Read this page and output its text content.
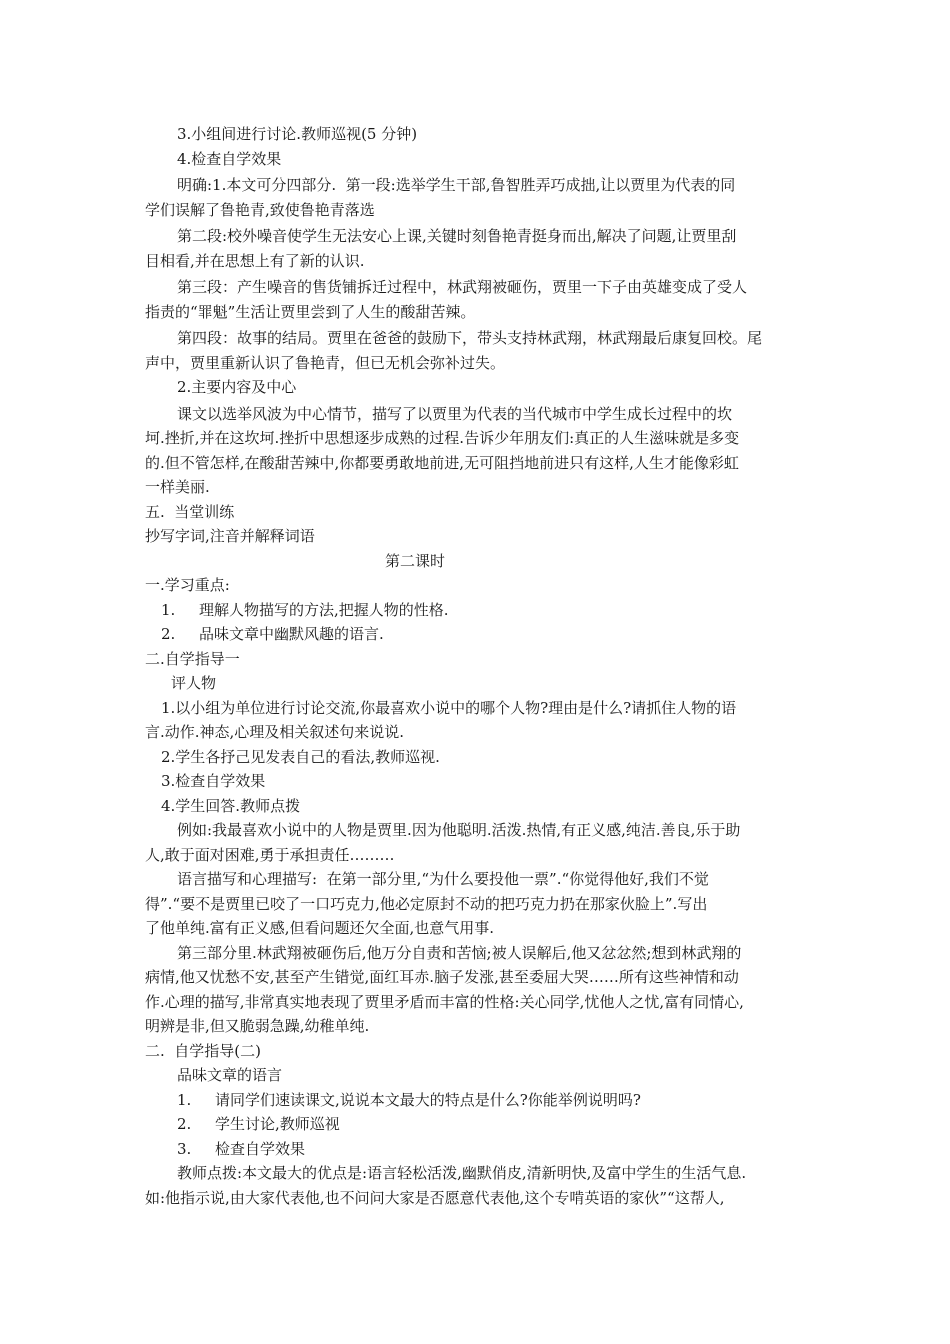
3.小组间进行讨论.教师巡视(5 分钟)

4.检查自学效果

明确:1.本文可分四部分.  第一段:选举学生干部,鲁智胜弄巧成拙,让以贾里为代表的同

学们误解了鲁艳青,致使鲁艳青落选

第二段:校外噪音使学生无法安心上课,关键时刻鲁艳青挺身而出,解决了问题,让贾里刮

目相看,并在思想上有了新的认识.

第三段：产生噪音的售货铺拆迁过程中，林武翔被砸伤，贾里一下子由英雄变成了受人

指责的“罪魁”生活让贾里尝到了人生的酸甜苦辣。

第四段：故事的结局。贾里在爸爸的鼓励下，带头支持林武翔，林武翔最后康复回校。尾

声中，贾里重新认识了鲁艳青，但已无机会弥补过失。

2.主要内容及中心

课文以选举风波为中心情节，描写了以贾里为代表的当代城市中学生成长过程中的坎

坷.挫折,并在这坎坷.挫折中思想逐步成熟的过程.告诉少年朋友们:真正的人生滋味就是多变

的.但不管怎样,在酸甜苦辣中,你都要勇敢地前进,无可阻挡地前进只有这样,人生才能像彩虹

一样美丽.

五.  当堂训练

抄写字词,注音并解释词语

第二课时

一.学习重点:

1. 理解人物描写的方法,把握人物的性格.

2. 品味文章中幽默风趣的语言.

二.自学指导一

评人物

1.以小组为单位进行讨论交流,你最喜欢小说中的哪个人物?理由是什么?请抓住人物的语

言.动作.神态,心理及相关叙述句来说说.

2.学生各抒己见发表自己的看法,教师巡视.

3.检查自学效果

4.学生回答.教师点拨

例如:我最喜欢小说中的人物是贾里.因为他聪明.活泼.热情,有正义感,纯洁.善良,乐于助

人,敢于面对困难,勇于承担责任………

语言描写和心理描写:  在第一部分里,“为什么要投他一票”.“你觉得他好,我们不觉

得”.“要不是贾里已咬了一口巧克力,他必定原封不动的把巧克力扔在那家伙脸上”.写出

了他单纯.富有正义感,但看问题还欠全面,也意气用事.

第三部分里.林武翔被砸伤后,他万分自责和苦恼;被人误解后,他又忿忿然;想到林武翔的

病情,他又忧愁不安,甚至产生错觉,面红耳赤.脑子发涨,甚至委屈大哭……所有这些神情和动

作.心理的描写,非常真实地表现了贾里矛盾而丰富的性格:关心同学,忧他人之忧,富有同情心,

明辨是非,但又脆弱急躁,幼稚单纯.

二.  自学指导(二)

品味文章的语言

1. 请同学们速读课文,说说本文最大的特点是什么?你能举例说明吗?

2. 学生讨论,教师巡视

3. 检查自学效果

教师点拨:本文最大的优点是:语言轻松活泼,幽默俏皮,清新明快,及富中学生的生活气息.

如:他指示说,由大家代表他,也不问问大家是否愿意代表他,这个专啃英语的家伙”“这帮人,
